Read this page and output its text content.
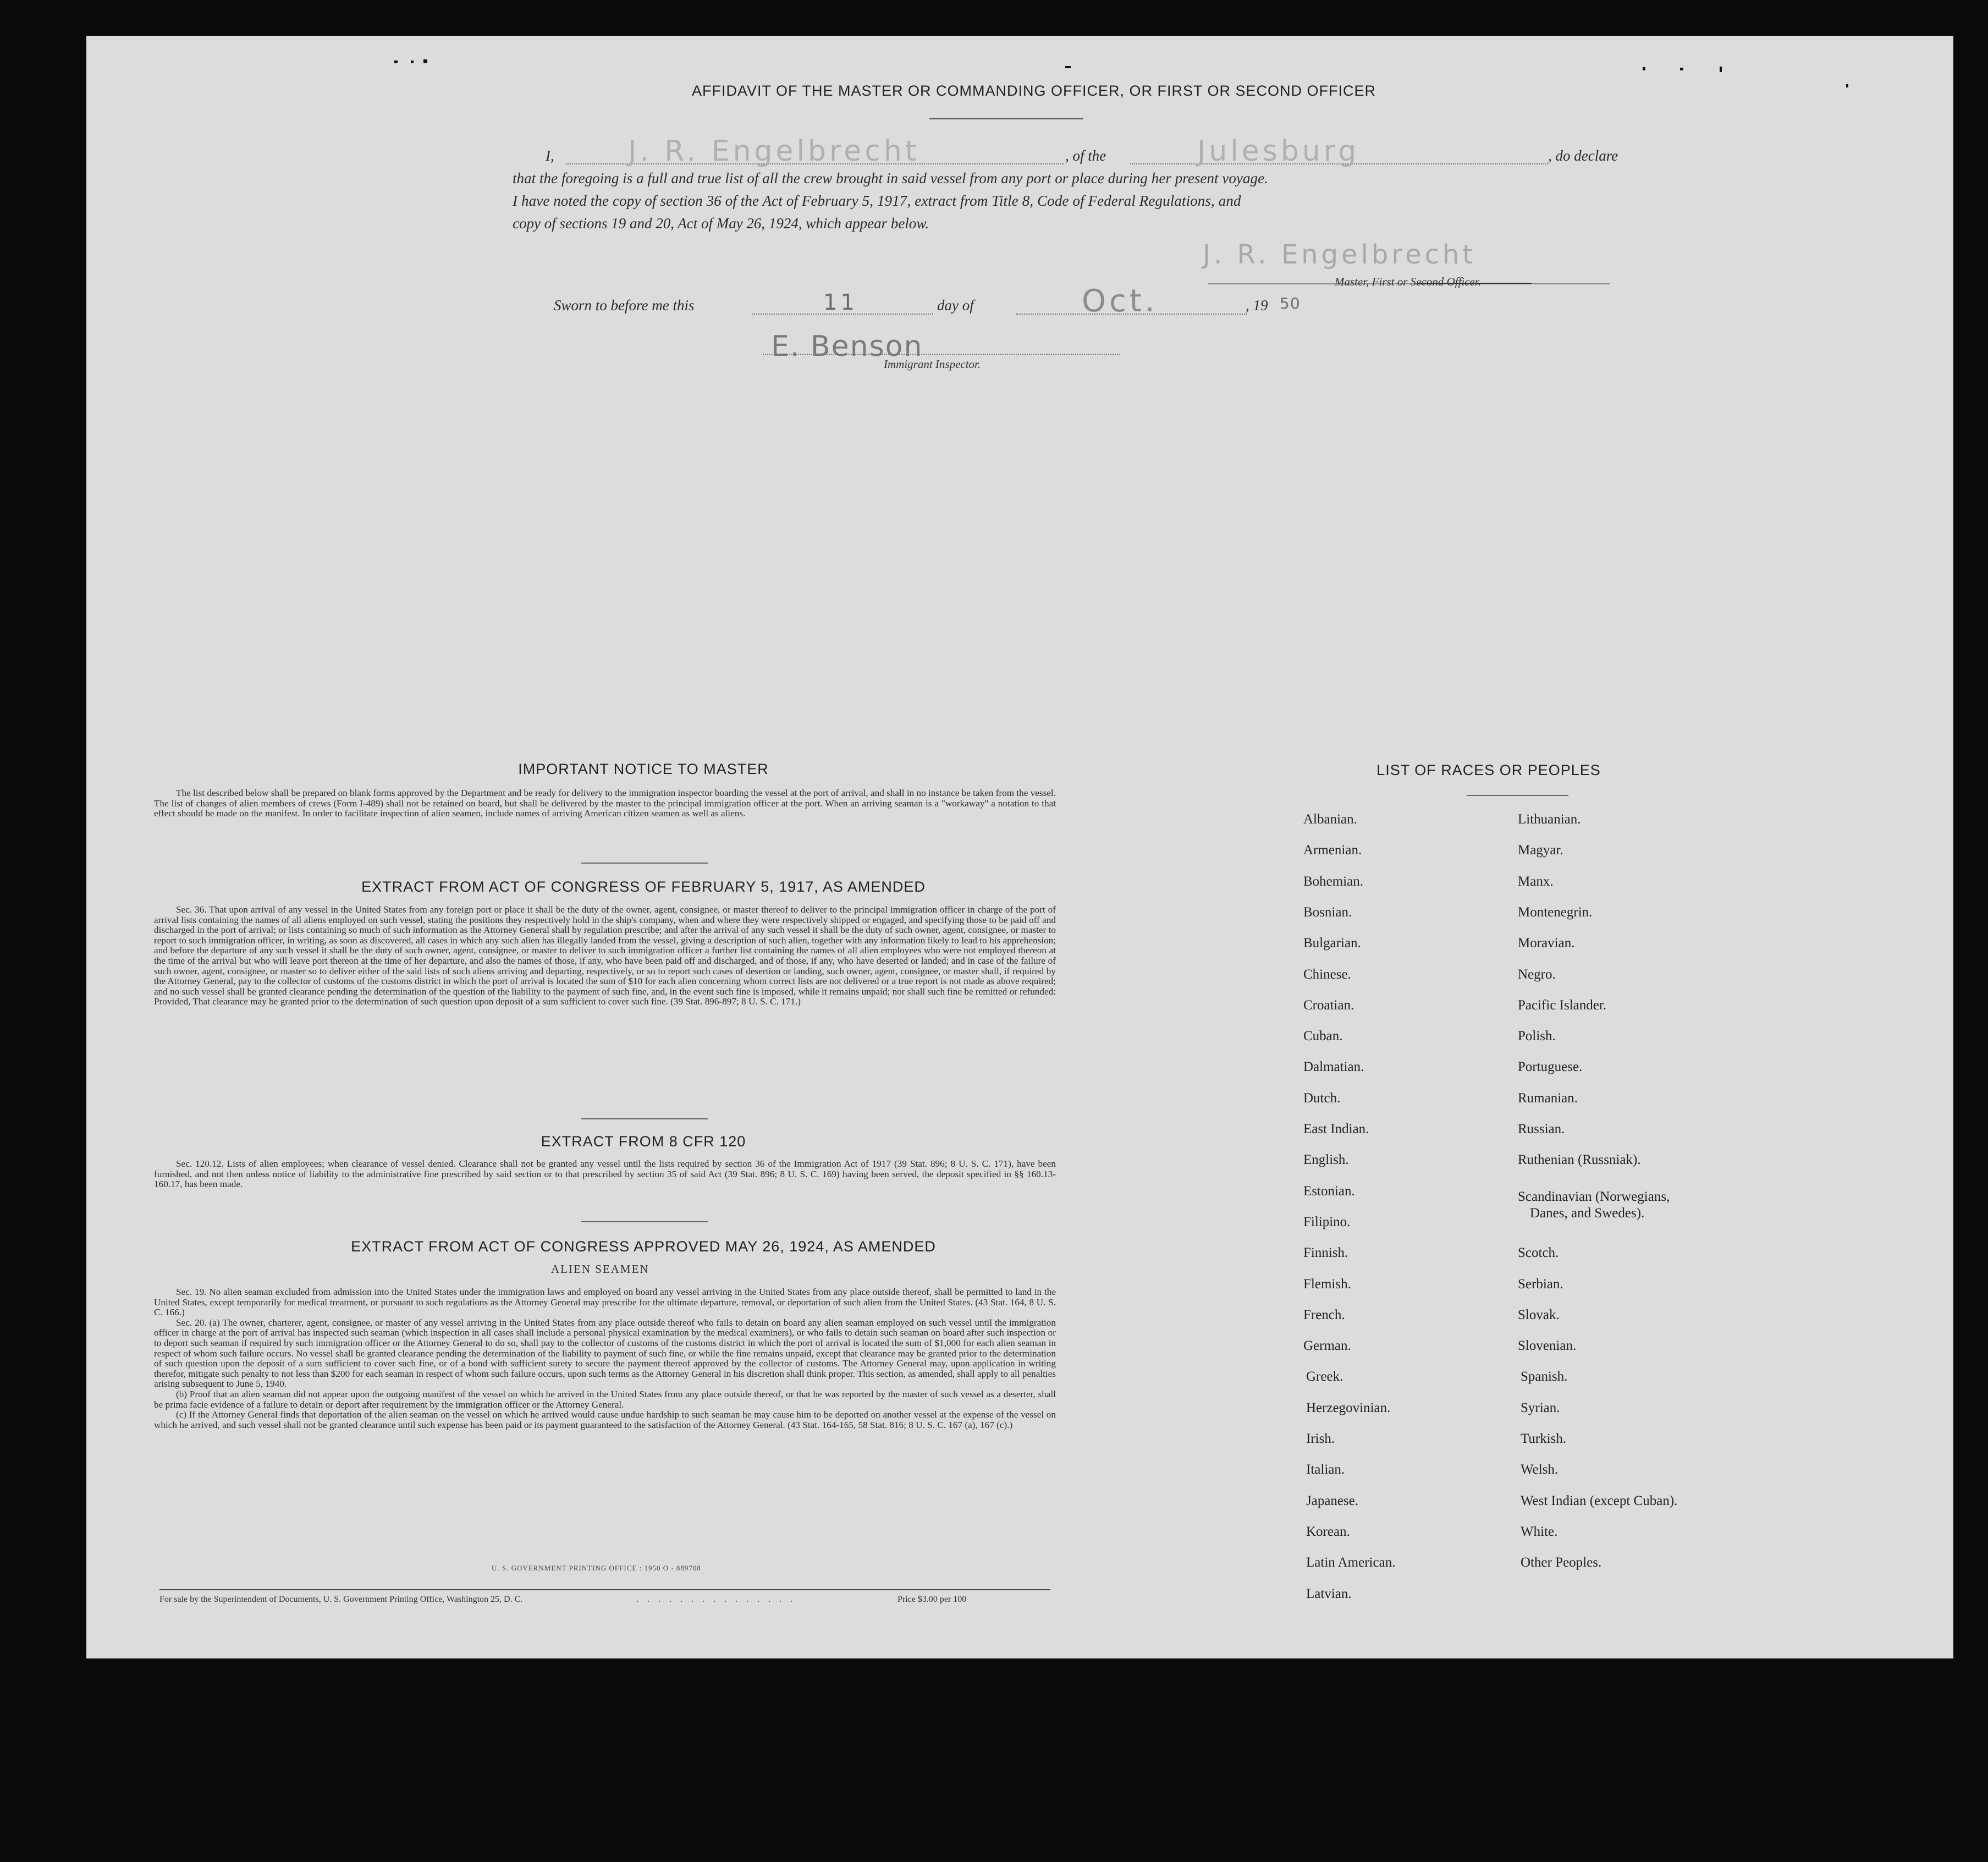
AFFIDAVIT OF THE MASTER OR COMMANDING OFFICER, OR FIRST OR SECOND OFFICER
I,	J. R. Engelbrecht	, of the	Julesburg	, do declare
that the foregoing is a full and true list of all the crew brought in said vessel from any port or place during her present voyage.
I have noted the copy of section 36 of the Act of February 5, 1917, extract from Title 8, Code of Federal Regulations, and
copy of sections 19 and 20, Act of May 26, 1924, which appear below.
J. R. Engelbrecht
Master, First or Second Officer.
Sworn to before me this	11	day of	Oct.	, 19 50
E. Benson
Immigrant Inspector.
IMPORTANT NOTICE TO MASTER

The list described below shall be prepared on blank forms approved by the Department and be ready for delivery to the immigration inspector boarding the vessel at the port of arrival, and shall in no instance be taken from the vessel. The list of changes of alien members of crews (Form I-489) shall not be retained on board, but shall be delivered by the master to the principal immigration officer at the port. When an arriving seaman is a "workaway" a notation to that effect should be made on the manifest. In order to facilitate inspection of alien seamen, include names of arriving American citizen seamen as well as aliens.

EXTRACT FROM ACT OF CONGRESS OF FEBRUARY 5, 1917, AS AMENDED

Sec. 36. That upon arrival of any vessel in the United States from any foreign port or place it shall be the duty of the owner, agent, consignee, or master thereof to deliver to the principal immigration officer in charge of the port of arrival lists containing the names of all aliens employed on such vessel, stating the positions they respectively hold in the ship's company, when and where they were respectively shipped or engaged, and specifying those to be paid off and discharged in the port of arrival; or lists containing so much of such information as the Attorney General shall by regulation prescribe; and after the arrival of any such vessel it shall be the duty of such owner, agent, consignee, or master to report to such immigration officer, in writing, as soon as discovered, all cases in which any such alien has illegally landed from the vessel, giving a description of such alien, together with any information likely to lead to his apprehension; and before the departure of any such vessel it shall be the duty of such owner, agent, consignee, or master to deliver to such immigration officer a further list containing the names of all alien employees who were not employed thereon at the time of the arrival but who will leave port thereon at the time of her departure, and also the names of those, if any, who have been paid off and discharged, and of those, if any, who have deserted or landed; and in case of the failure of such owner, agent, consignee, or master so to deliver either of the said lists of such aliens arriving and departing, respectively, or so to report such cases of desertion or landing, such owner, agent, consignee, or master shall, if required by the Attorney General, pay to the collector of customs of the customs district in which the port of arrival is located the sum of $10 for each alien concerning whom correct lists are not delivered or a true report is not made as above required; and no such vessel shall be granted clearance pending the determination of the question of the liability to the payment of such fine, and, in the event such fine is imposed, while it remains unpaid; nor shall such fine be remitted or refunded: Provided, That clearance may be granted prior to the determination of such question upon deposit of a sum sufficient to cover such fine. (39 Stat. 896-897; 8 U. S. C. 171.)

EXTRACT FROM 8 CFR 120

Sec. 120.12. Lists of alien employees; when clearance of vessel denied. Clearance shall not be granted any vessel until the lists required by section 36 of the Immigration Act of 1917 (39 Stat. 896; 8 U. S. C. 171), have been furnished, and not then unless notice of liability to the administrative fine prescribed by said section or to that prescribed by section 35 of said Act (39 Stat. 896; 8 U. S. C. 169) having been served, the deposit specified in §§ 160.13-160.17, has been made.

EXTRACT FROM ACT OF CONGRESS APPROVED MAY 26, 1924, AS AMENDED
ALIEN SEAMEN

Sec. 19. No alien seaman excluded from admission into the United States under the immigration laws and employed on board any vessel arriving in the United States from any place outside thereof, shall be permitted to land in the United States, except temporarily for medical treatment, or pursuant to such regulations as the Attorney General may prescribe for the ultimate departure, removal, or deportation of such alien from the United States. (43 Stat. 164, 8 U. S. C. 166.)

Sec. 20. (a) The owner, charterer, agent, consignee, or master of any vessel arriving in the United States from any place outside thereof who fails to detain on board any alien seaman employed on such vessel until the immigration officer in charge at the port of arrival has inspected such seaman (which inspection in all cases shall include a personal physical examination by the medical examiners), or who fails to detain such seaman on board after such inspection or to deport such seaman if required by such immigration officer or the Attorney General to do so, shall pay to the collector of customs of the customs district in which the port of arrival is located the sum of $1,000 for each alien seaman in respect of whom such failure occurs. No vessel shall be granted clearance pending the determination of the liability to payment of such fine, or while the fine remains unpaid, except that clearance may be granted prior to the determination of such question upon the deposit of a sum sufficient to cover such fine, or of a bond with sufficient surety to secure the payment thereof approved by the collector of customs. The Attorney General may, upon application in writing therefor, mitigate such penalty to not less than $200 for each seaman in respect of whom such failure occurs, upon such terms as the Attorney General in his discretion shall think proper. This section, as amended, shall apply to all penalties arising subsequent to June 5, 1940.

(b) Proof that an alien seaman did not appear upon the outgoing manifest of the vessel on which he arrived in the United States from any place outside thereof, or that he was reported by the master of such vessel as a deserter, shall be prima facie evidence of a failure to detain or deport after requirement by the immigration officer or the Attorney General.

(c) If the Attorney General finds that deportation of the alien seaman on the vessel on which he arrived would cause undue hardship to such seaman he may cause him to be deported on another vessel at the expense of the vessel on which he arrived, and such vessel shall not be granted clearance until such expense has been paid or its payment guaranteed to the satisfaction of the Attorney General. (43 Stat. 164-165, 58 Stat. 816; 8 U. S. C. 167 (a), 167 (c).)

U. S. GOVERNMENT PRINTING OFFICE : 1950 O - 889708
For sale by the Superintendent of Documents, U. S. Government Printing Office, Washington 25, D. C.	. . . . . . . . . . . . . . .	Price $3.00 per 100
LIST OF RACES OR PEOPLES
Albanian.
Armenian.
Bohemian.
Bosnian.
Bulgarian.
Chinese.
Croatian.
Cuban.
Dalmatian.
Dutch.
East Indian.
English.
Estonian.
Filipino.
Finnish.
Flemish.
French.
German.
Greek.
Herzegovinian.
Irish.
Italian.
Japanese.
Korean.
Latin American.
Latvian.
Lithuanian.
Magyar.
Manx.
Montenegrin.
Moravian.
Negro.
Pacific Islander.
Polish.
Portuguese.
Rumanian.
Russian.
Ruthenian (Russniak).
Scandinavian (Norwegians,
Danes, and Swedes).
Scotch.
Serbian.
Slovak.
Slovenian.
Spanish.
Syrian.
Turkish.
Welsh.
West Indian (except Cuban).
White.
Other Peoples.
